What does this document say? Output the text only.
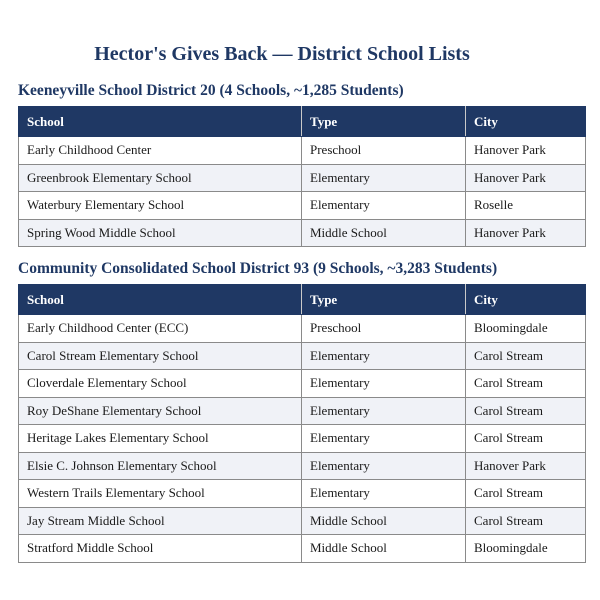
Hector's Gives Back — District School Lists
Keeneyville School District 20 (4 Schools, ~1,285 Students)
School	Type	City
Early Childhood Center	Preschool	Hanover Park
Greenbrook Elementary School	Elementary	Hanover Park
Waterbury Elementary School	Elementary	Roselle
Spring Wood Middle School	Middle School	Hanover Park
Community Consolidated School District 93 (9 Schools, ~3,283 Students)
School	Type	City
Early Childhood Center (ECC)	Preschool	Bloomingdale
Carol Stream Elementary School	Elementary	Carol Stream
Cloverdale Elementary School	Elementary	Carol Stream
Roy DeShane Elementary School	Elementary	Carol Stream
Heritage Lakes Elementary School	Elementary	Carol Stream
Elsie C. Johnson Elementary School	Elementary	Hanover Park
Western Trails Elementary School	Elementary	Carol Stream
Jay Stream Middle School	Middle School	Carol Stream
Stratford Middle School	Middle School	Bloomingdale
